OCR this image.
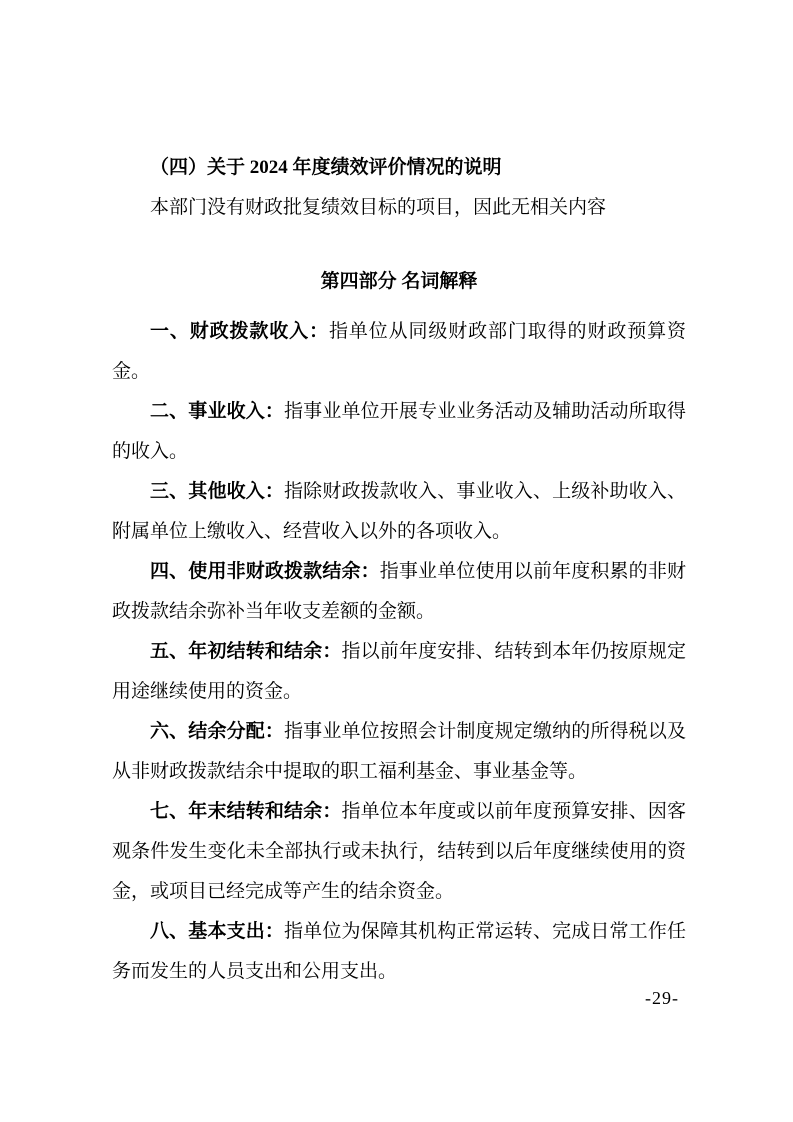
（四）关于 2024 年度绩效评价情况的说明

本部门没有财政批复绩效目标的项目，因此无相关内容

第四部分 名词解释

一、财政拨款收入：指单位从同级财政部门取得的财政预算资金。

二、事业收入：指事业单位开展专业业务活动及辅助活动所取得的收入。

三、其他收入：指除财政拨款收入、事业收入、上级补助收入、附属单位上缴收入、经营收入以外的各项收入。

四、使用非财政拨款结余：指事业单位使用以前年度积累的非财政拨款结余弥补当年收支差额的金额。

五、年初结转和结余：指以前年度安排、结转到本年仍按原规定用途继续使用的资金。

六、结余分配：指事业单位按照会计制度规定缴纳的所得税以及从非财政拨款结余中提取的职工福利基金、事业基金等。

七、年末结转和结余：指单位本年度或以前年度预算安排、因客观条件发生变化未全部执行或未执行，结转到以后年度继续使用的资金，或项目已经完成等产生的结余资金。

八、基本支出：指单位为保障其机构正常运转、完成日常工作任务而发生的人员支出和公用支出。

-29-
